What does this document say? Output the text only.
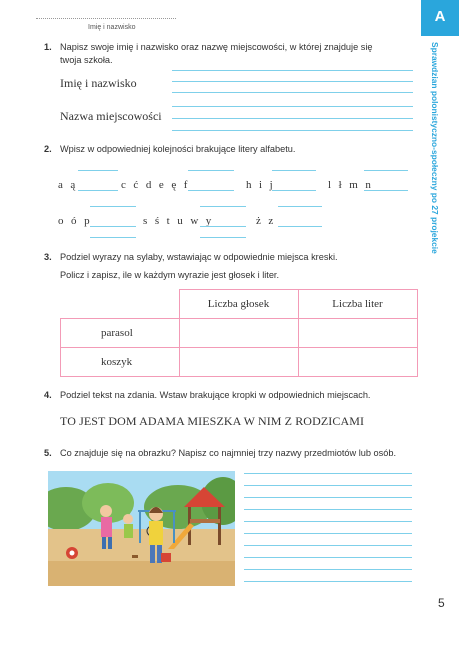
Imię i nazwisko
A
Sprawdzian polonistyczno-społeczny po 27 projekcie
1. Napisz swoje imię i nazwisko oraz nazwę miejscowości, w której znajduje się
twoja szkoła.
Imię i nazwisko
Nazwa miejscowości
2. Wpisz w odpowiedniej kolejności brakujące litery alfabetu.
a ą	c ć d e ę f	h i j	l ł m n
o ó p	s ś t u w y	ż z
3. Podziel wyrazy na sylaby, wstawiając w odpowiednie miejsca kreski.
Policz i zapisz, ile w każdym wyrazie jest głosek i liter.
	Liczba głosek	Liczba liter
parasol		
koszyk		
4. Podziel tekst na zdania. Wstaw brakujące kropki w odpowiednich miejscach.
TO JEST DOM ADAMA MIESZKA W NIM Z RODZICAMI
5. Co znajduje się na obrazku? Napisz co najmniej trzy nazwy przedmiotów lub osób.
5
